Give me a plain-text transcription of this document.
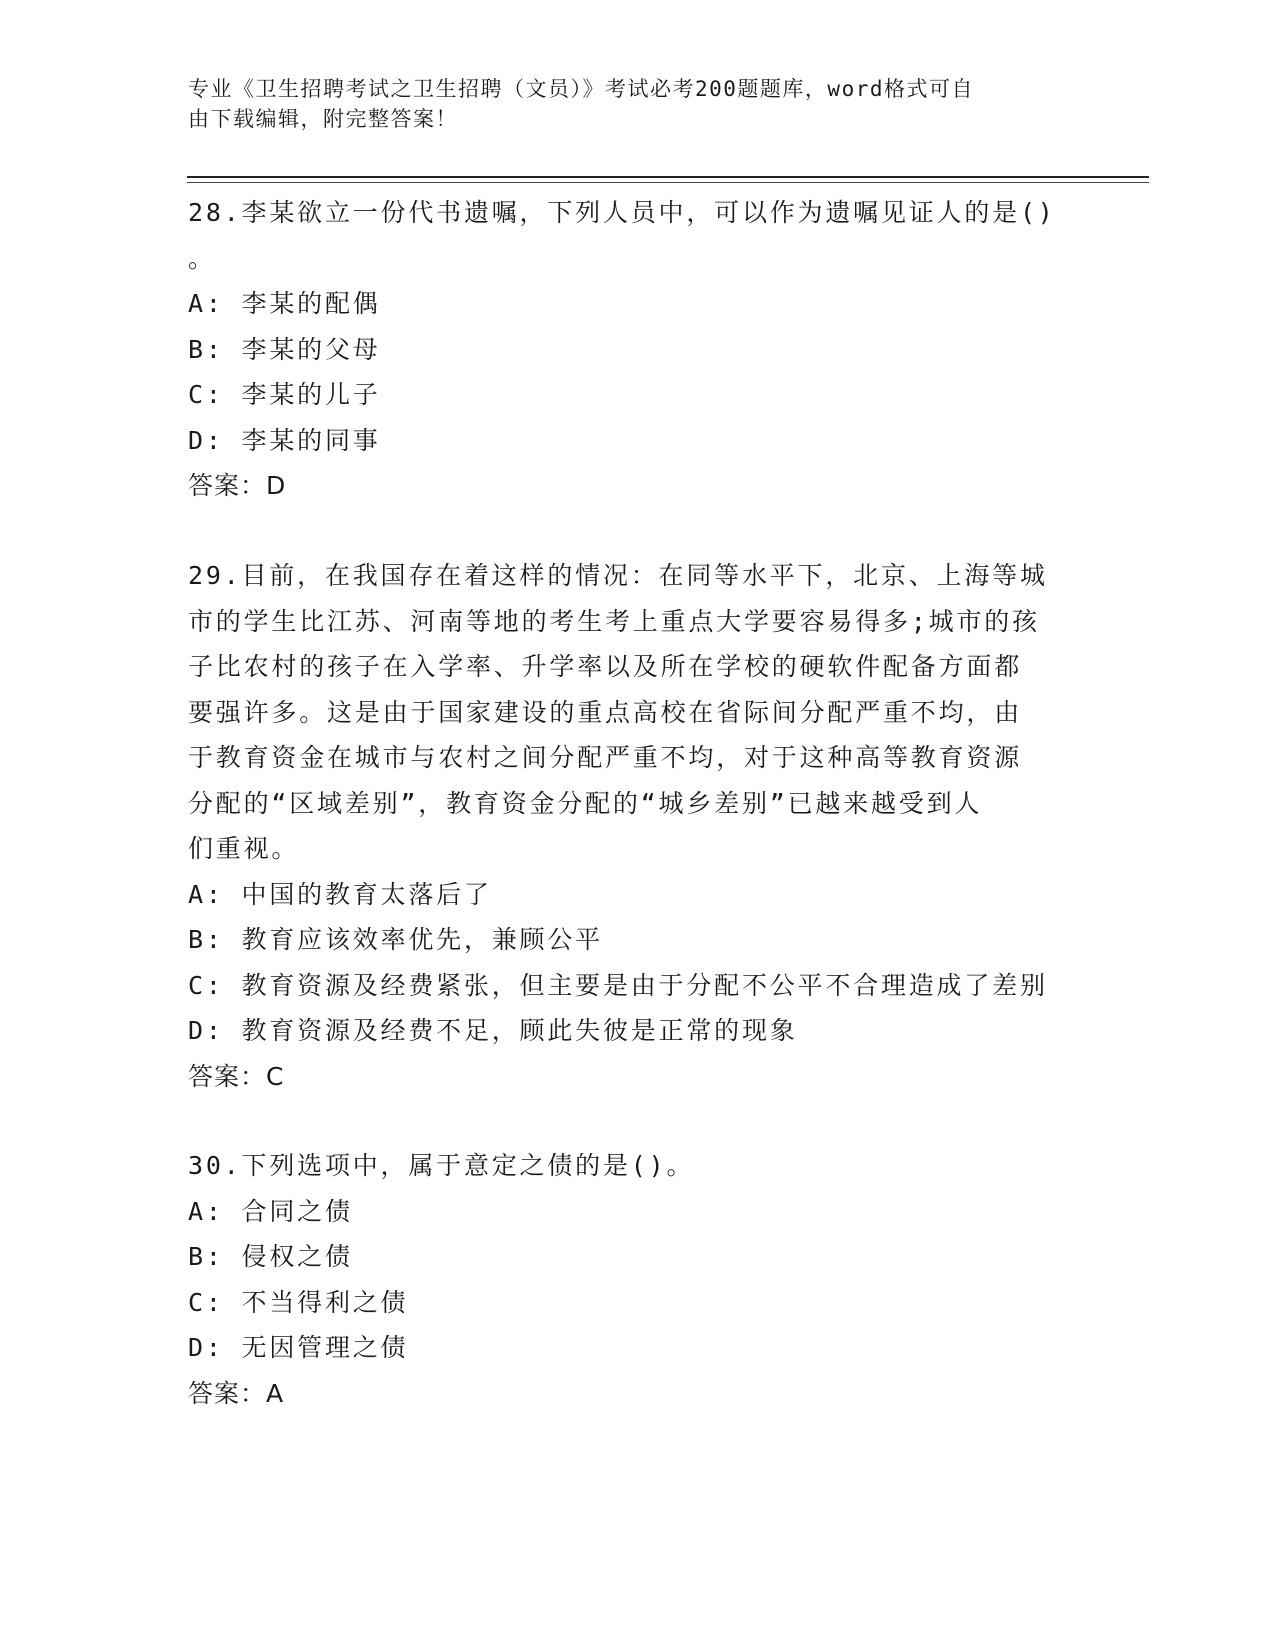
专业《卫生招聘考试之卫生招聘（文员）》考试必考200题题库，word格式可自
由下载编辑，附完整答案！
28.李某欲立一份代书遗嘱，下列人员中，可以作为遗嘱见证人的是()
。
A: 李某的配偶
B: 李某的父母
C: 李某的儿子
D: 李某的同事
答案：D
29.目前，在我国存在着这样的情况：在同等水平下，北京、上海等城
市的学生比江苏、河南等地的考生考上重点大学要容易得多;城市的孩
子比农村的孩子在入学率、升学率以及所在学校的硬软件配备方面都
要强许多。这是由于国家建设的重点高校在省际间分配严重不均，由
于教育资金在城市与农村之间分配严重不均，对于这种高等教育资源
分配的“区域差别”，教育资金分配的“城乡差别”已越来越受到人
们重视。
A: 中国的教育太落后了
B: 教育应该效率优先，兼顾公平
C: 教育资源及经费紧张，但主要是由于分配不公平不合理造成了差别
D: 教育资源及经费不足，顾此失彼是正常的现象
答案：C
30.下列选项中，属于意定之债的是()。
A: 合同之债
B: 侵权之债
C: 不当得利之债
D: 无因管理之债
答案：A
